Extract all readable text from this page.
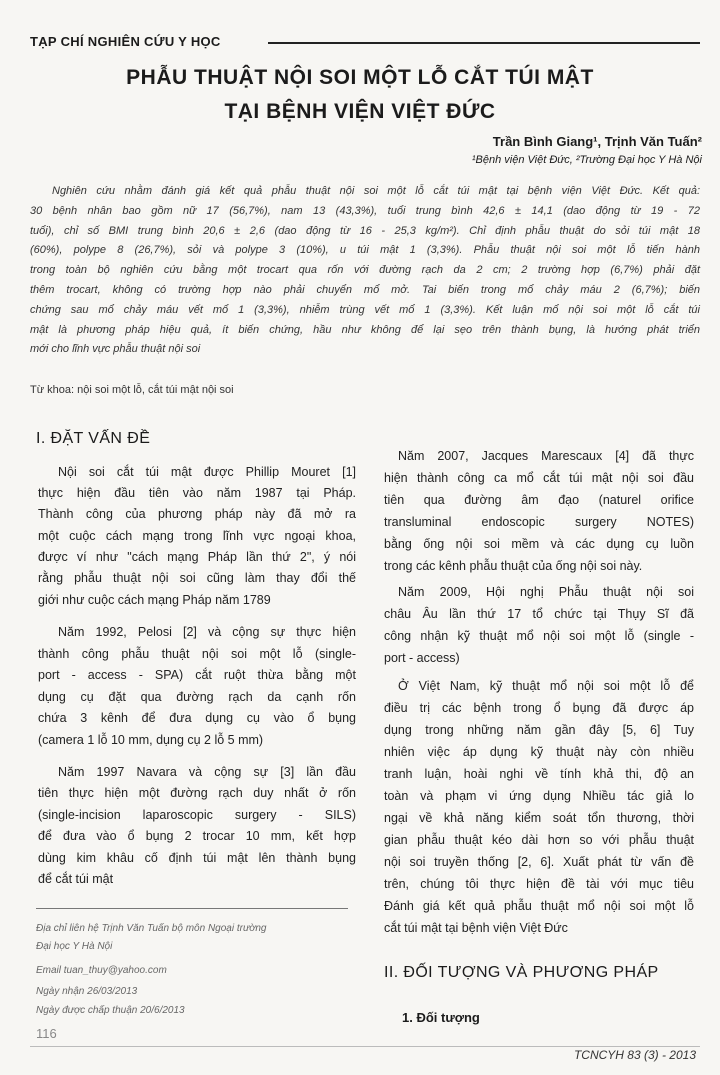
TẠP CHÍ NGHIÊN CỨU Y HỌC
PHẪU THUẬT NỘI SOI MỘT LỖ CẮT TÚI MẬT
TẠI BỆNH VIỆN VIỆT ĐỨC
Trần Bình Giang¹, Trịnh Văn Tuấn²
¹Bệnh viện Việt Đức, ²Trường Đại học Y Hà Nội
Nghiên cứu nhằm đánh giá kết quả phẫu thuật nội soi một lỗ cắt túi mật tại bệnh viện Việt Đức. Kết quả:
30 bệnh nhân bao gồm nữ 17 (56,7%), nam 13 (43,3%), tuổi trung bình 42,6 ± 14,1 (dao động từ 19 - 72
tuổi), chỉ số BMI trung bình 20,6 ± 2,6 (dao động từ 16 - 25,3 kg/m²). Chỉ định phẫu thuật do sỏi túi mật 18
(60%), polype 8 (26,7%), sỏi và polype 3 (10%), u túi mật 1 (3,3%). Phẫu thuật nội soi một lỗ tiến hành
trong toàn bộ nghiên cứu bằng một trocart qua rốn với đường rạch da 2 cm; 2 trường hợp (6,7%) phải đặt
thêm trocart, không có trường hợp nào phải chuyển mổ mở. Tai biến trong mổ chảy máu 2 (6,7%); biến
chứng sau mổ chảy máu vết mổ 1 (3,3%), nhiễm trùng vết mổ 1 (3,3%). Kết luận mổ nội soi một lỗ cắt túi
mật là phương pháp hiệu quả, ít biến chứng, hầu như không để lại sẹo trên thành bụng, là hướng phát triển
mới cho lĩnh vực phẫu thuật nội soi
Từ khoa: nội soi một lỗ, cắt túi mật nội soi
I. ĐẶT VẤN ĐỀ
Nội soi cắt túi mật được Phillip Mouret [1]
thực hiện đầu tiên vào năm 1987 tại Pháp.
Thành công của phương pháp này đã mở ra
một cuộc cách mạng trong lĩnh vực ngoại khoa,
được ví như "cách mạng Pháp lần thứ 2", ý nói
rằng phẫu thuật nội soi cũng làm thay đổi thế
giới như cuộc cách mạng Pháp năm 1789
Năm 1992, Pelosi [2] và cộng sự thực hiện
thành công phẫu thuật nội soi một lỗ (single-
port - access - SPA) cắt ruột thừa bằng một
dụng cụ đặt qua đường rạch da cạnh rốn
chứa 3 kênh để đưa dụng cụ vào ổ bụng
(camera 1 lỗ 10 mm, dụng cụ 2 lỗ 5 mm)
Năm 1997 Navara và cộng sự [3] lần đầu
tiên thực hiện một đường rạch duy nhất ở rốn
(single-incision laparoscopic surgery - SILS)
để đưa vào ổ bụng 2 trocar 10 mm, kết hợp
dùng kim khâu cố định túi mật lên thành bụng
để cắt túi mật
Địa chỉ liên hệ Trịnh Văn Tuấn bộ môn Ngoại trường
Đại học Y Hà Nội
Email tuan_thuy@yahoo.com
Ngày nhận 26/03/2013
Ngày được chấp thuận 20/6/2013
Năm 2007, Jacques Marescaux [4] đã thực
hiện thành công ca mổ cắt túi mật nội soi đầu
tiên qua đường âm đạo (naturel orifice
transluminal endoscopic surgery NOTES)
bằng ống nội soi mềm và các dụng cụ luồn
trong các kênh phẫu thuật của ống nội soi này.
Năm 2009, Hội nghị Phẫu thuật nội soi
châu Âu lần thứ 17 tổ chức tại Thụy Sĩ đã
công nhận kỹ thuật mổ nội soi một lỗ (single -
port - access)
Ở Việt Nam, kỹ thuật mổ nội soi một lỗ để
điều trị các bệnh trong ổ bụng đã được áp
dụng trong những năm gần đây [5, 6] Tuy
nhiên việc áp dụng kỹ thuật này còn nhiều
tranh luận, hoài nghi về tính khả thi, độ an
toàn và phạm vi ứng dụng Nhiều tác giả lo
ngại về khả năng kiểm soát tổn thương, thời
gian phẫu thuật kéo dài hơn so với phẫu thuật
nội soi truyền thống [2, 6]. Xuất phát từ vấn đề
trên, chúng tôi thực hiện đề tài với mục tiêu
Đánh giá kết quả phẫu thuật mổ nội soi một lỗ
cắt túi mật tại bệnh viện Việt Đức
II. ĐỐI TƯỢNG VÀ PHƯƠNG PHÁP
1. Đối tượng
116
TCNCYH 83 (3) - 2013
